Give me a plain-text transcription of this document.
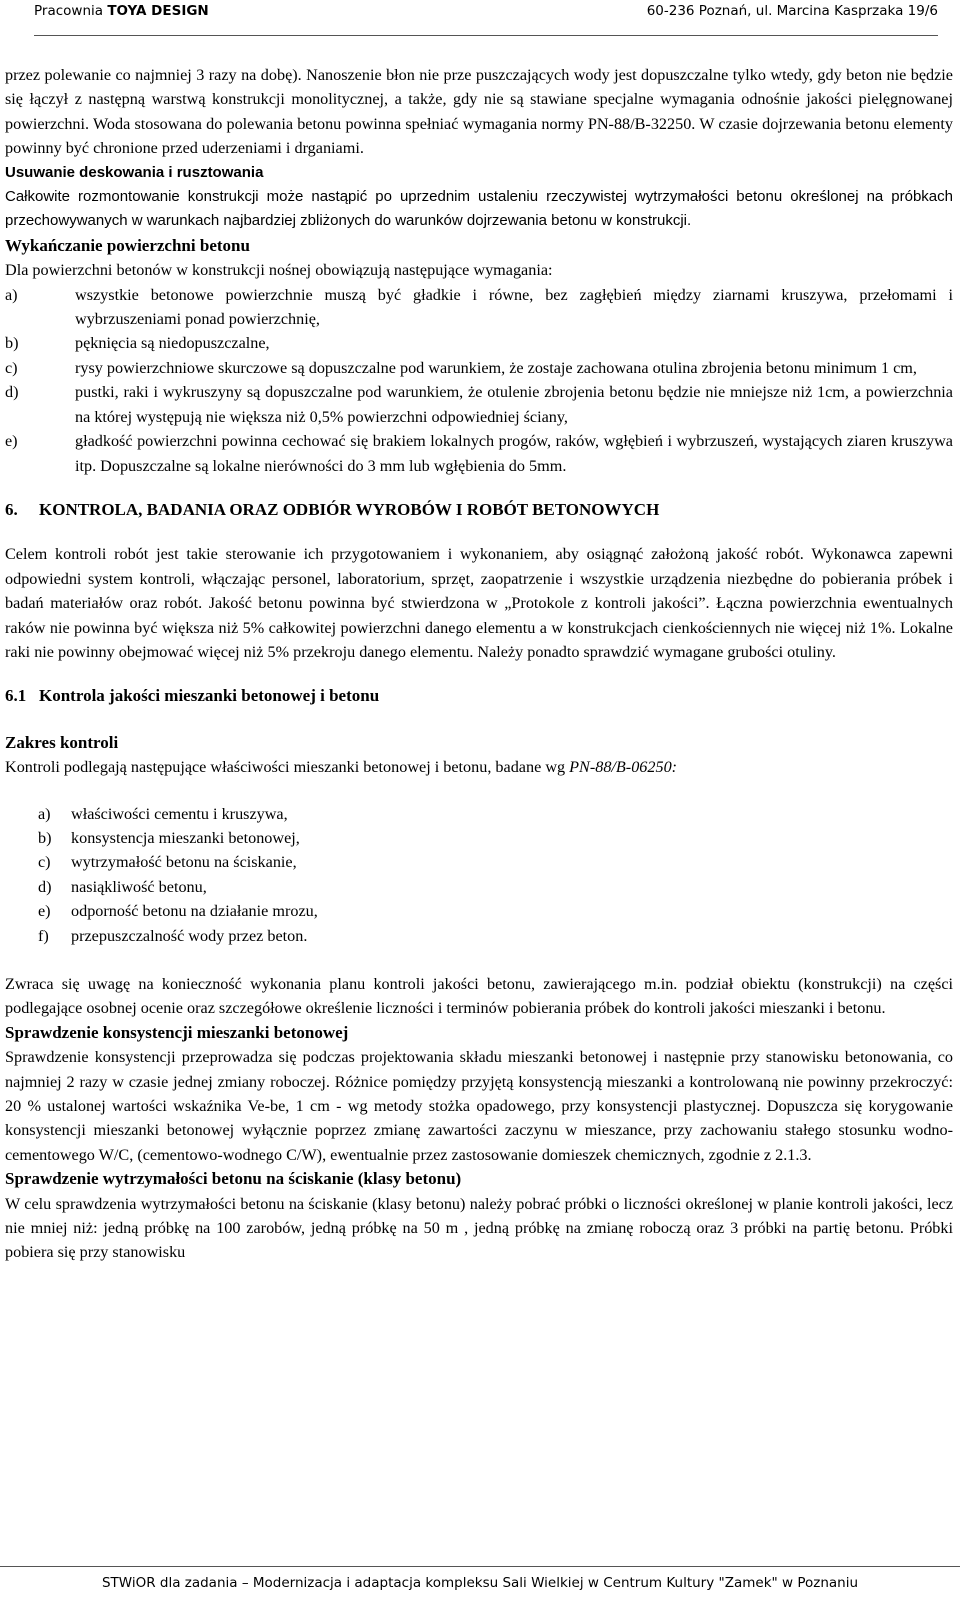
Pracownia TOYA DESIGN	60-236 Poznań, ul. Marcina Kasprzaka 19/6

przez polewanie co najmniej 3 razy na dobę). Nanoszenie błon nie prze puszczających wody jest dopuszczalne tylko wtedy, gdy beton nie będzie się łączył z następną warstwą konstrukcji monolitycznej, a także, gdy nie są stawiane specjalne wymagania odnośnie jakości pielęgnowanej powierzchni. Woda stosowana do polewania betonu powinna spełniać wymagania normy PN-88/B-32250. W czasie dojrzewania betonu elementy powinny być chronione przed uderzeniami i drganiami.

Usuwanie deskowania i rusztowania

Całkowite rozmontowanie konstrukcji może nastąpić po uprzednim ustaleniu rzeczywistej wytrzymałości betonu określonej na próbkach przechowywanych w warunkach najbardziej zbliżonych do warunków dojrzewania betonu w konstrukcji.

Wykańczanie powierzchni betonu

Dla powierzchni betonów w konstrukcji nośnej obowiązują następujące wymagania:

a)	wszystkie betonowe powierzchnie muszą być gładkie i równe, bez zagłębień między ziarnami kruszywa, przełomami i wybrzuszeniami ponad powierzchnię,
b)	pęknięcia są niedopuszczalne,
c)	rysy powierzchniowe skurczowe są dopuszczalne pod warunkiem, że zostaje zachowana otulina zbrojenia betonu minimum 1 cm,
d)	pustki, raki i wykruszyny są dopuszczalne pod warunkiem, że otulenie zbrojenia betonu będzie nie mniejsze niż 1cm, a powierzchnia na której występują nie większa niż 0,5% powierzchni odpowiedniej ściany,
e)	gładkość powierzchni powinna cechować się brakiem lokalnych progów, raków, wgłębień i wybrzuszeń, wystających ziaren kruszywa itp. Dopuszczalne są lokalne nierówności do 3 mm lub wgłębienia do 5mm.
6. KONTROLA, BADANIA ORAZ ODBIÓR WYROBÓW I ROBÓT BETONOWYCH

Celem kontroli robót jest takie sterowanie ich przygotowaniem i wykonaniem, aby osiągnąć założoną jakość robót. Wykonawca zapewni odpowiedni system kontroli, włączając personel, laboratorium, sprzęt, zaopatrzenie i wszystkie urządzenia niezbędne do pobierania próbek i badań materiałów oraz robót. Jakość betonu powinna być stwierdzona w „Protokole z kontroli jakości”. Łączna powierzchnia ewentualnych raków nie powinna być większa niż 5% całkowitej powierzchni danego elementu a w konstrukcjach cienkościennych nie więcej niż 1%. Lokalne raki nie powinny obejmować więcej niż 5% przekroju danego elementu. Należy ponadto sprawdzić wymagane grubości otuliny.

6.1 Kontrola jakości mieszanki betonowej i betonu
Zakres kontroli

Kontroli podlegają następujące właściwości mieszanki betonowej i betonu, badane wg PN-88/B-06250:

a) właściwości cementu i kruszywa,
b) konsystencja mieszanki betonowej,
c) wytrzymałość betonu na ściskanie,
d) nasiąkliwość betonu,
e) odporność betonu na działanie mrozu,
f) przepuszczalność wody przez beton.

Zwraca się uwagę na konieczność wykonania planu kontroli jakości betonu, zawierającego m.in. podział obiektu (konstrukcji) na części podlegające osobnej ocenie oraz szczegółowe określenie liczności i terminów pobierania próbek do kontroli jakości mieszanki i betonu.

Sprawdzenie konsystencji mieszanki betonowej

Sprawdzenie konsystencji przeprowadza się podczas projektowania składu mieszanki betonowej i następnie przy stanowisku betonowania, co najmniej 2 razy w czasie jednej zmiany roboczej. Różnice pomiędzy przyjętą konsystencją mieszanki a kontrolowaną nie powinny przekroczyć: 20 % ustalonej wartości wskaźnika Ve-be, 1 cm - wg metody stożka opadowego, przy konsystencji plastycznej. Dopuszcza się korygowanie konsystencji mieszanki betonowej wyłącznie poprzez zmianę zawartości zaczynu w mieszance, przy zachowaniu stałego stosunku wodno-cementowego W/C, (cementowo-wodnego C/W), ewentualnie przez zastosowanie domieszek chemicznych, zgodnie z 2.1.3.

Sprawdzenie wytrzymałości betonu na ściskanie (klasy betonu)

W celu sprawdzenia wytrzymałości betonu na ściskanie (klasy betonu) należy pobrać próbki o liczności określonej w planie kontroli jakości, lecz nie mniej niż: jedną próbkę na 100 zarobów, jedną próbkę na 50 m , jedną próbkę na zmianę roboczą oraz 3 próbki na partię betonu. Próbki pobiera się przy stanowisku

STWiOR dla zadania – Modernizacja i adaptacja kompleksu Sali Wielkiej w Centrum Kultury "Zamek" w Poznaniu
